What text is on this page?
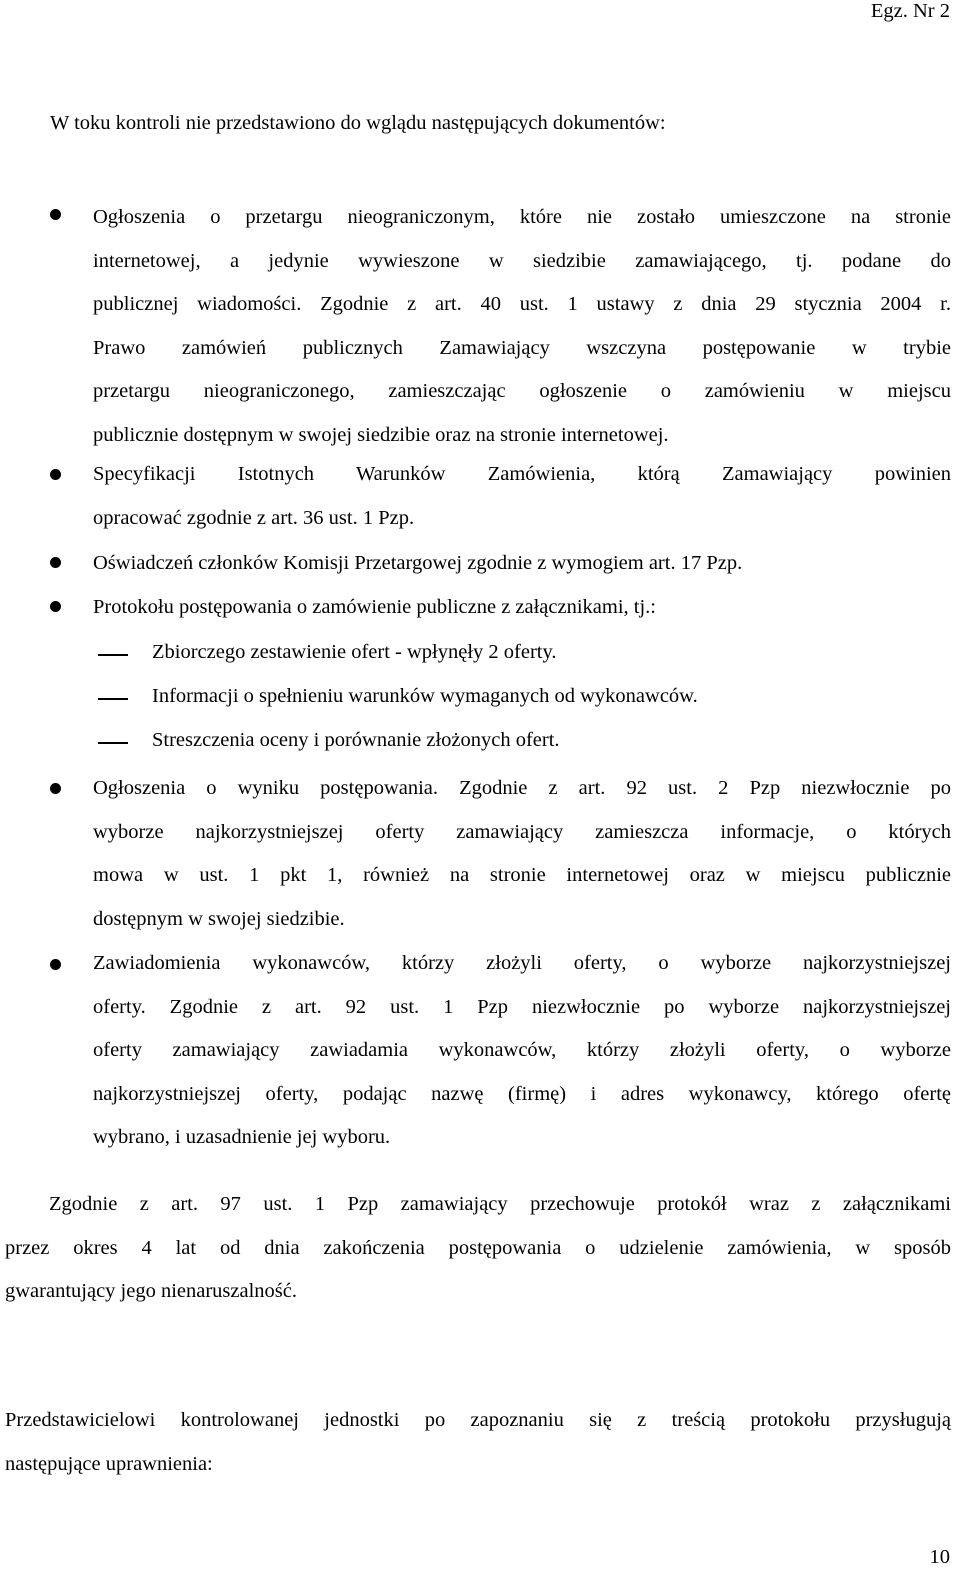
Egz. Nr 2
W toku kontroli nie przedstawiono do wglądu następujących dokumentów:
Ogłoszenia o przetargu nieograniczonym, które nie zostało umieszczone na stronie
internetowej, a jedynie wywieszone w siedzibie zamawiającego, tj. podane do
publicznej wiadomości. Zgodnie z art. 40 ust. 1 ustawy z dnia 29 stycznia 2004 r.
Prawo zamówień publicznych Zamawiający wszczyna postępowanie w trybie
przetargu nieograniczonego, zamieszczając ogłoszenie o zamówieniu w miejscu
publicznie dostępnym w swojej siedzibie oraz na stronie internetowej.
Specyfikacji Istotnych Warunków Zamówienia, którą Zamawiający powinien
opracować zgodnie z art. 36 ust. 1 Pzp.
Oświadczeń członków Komisji Przetargowej zgodnie z wymogiem art. 17 Pzp.
Protokołu postępowania o zamówienie publiczne z załącznikami, tj.:
Zbiorczego zestawienie ofert - wpłynęły 2 oferty.
Informacji o spełnieniu warunków wymaganych od wykonawców.
Streszczenia oceny i porównanie złożonych ofert.
Ogłoszenia o wyniku postępowania. Zgodnie z art. 92 ust. 2 Pzp niezwłocznie po
wyborze najkorzystniejszej oferty zamawiający zamieszcza informacje, o których
mowa w ust. 1 pkt 1, również na stronie internetowej oraz w miejscu publicznie
dostępnym w swojej siedzibie.
Zawiadomienia wykonawców, którzy złożyli oferty, o wyborze najkorzystniejszej
oferty. Zgodnie z art. 92 ust. 1 Pzp niezwłocznie po wyborze najkorzystniejszej
oferty zamawiający zawiadamia wykonawców, którzy złożyli oferty, o wyborze
najkorzystniejszej oferty, podając nazwę (firmę) i adres wykonawcy, którego ofertę
wybrano, i uzasadnienie jej wyboru.
Zgodnie z art. 97 ust. 1 Pzp zamawiający przechowuje protokół wraz z załącznikami
przez okres 4 lat od dnia zakończenia postępowania o udzielenie zamówienia, w sposób
gwarantujący jego nienaruszalność.
Przedstawicielowi kontrolowanej jednostki po zapoznaniu się z treścią protokołu przysługują
następujące uprawnienia:
10
